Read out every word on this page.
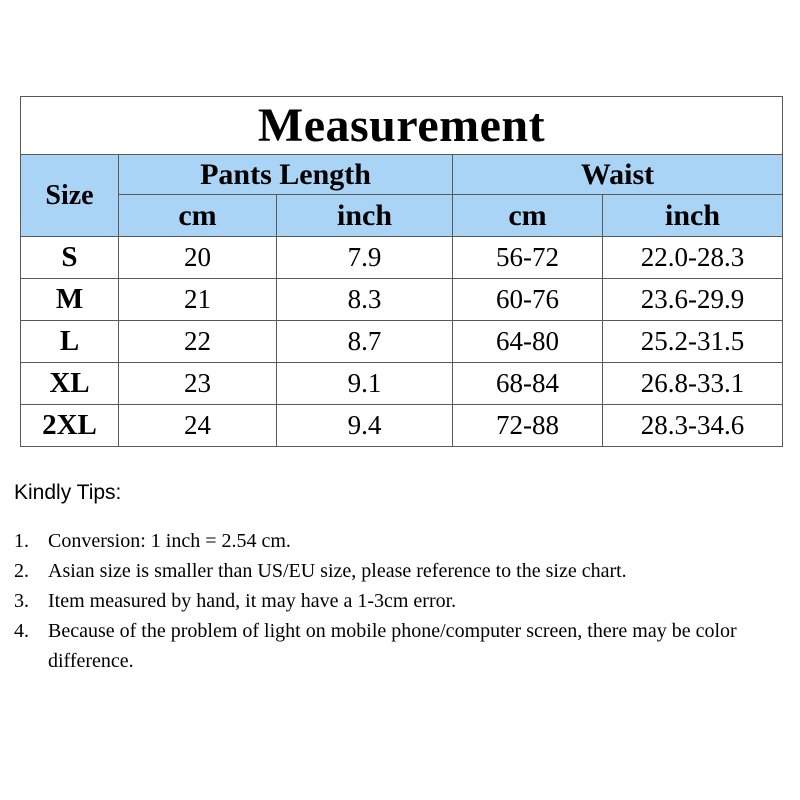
Measurement				
Size	Pants Length		Waist	
	cm	inch	cm	inch
S	20	7.9	56-72	22.0-28.3
M	21	8.3	60-76	23.6-29.9
L	22	8.7	64-80	25.2-31.5
XL	23	9.1	68-84	26.8-33.1
2XL	24	9.4	72-88	28.3-34.6

Kindly Tips:

1. Conversion: 1 inch = 2.54 cm.
2. Asian size is smaller than US/EU size, please reference to the size chart.
3. Item measured by hand, it may have a 1-3cm error.
4. Because of the problem of light on mobile phone/computer screen, there may be color difference.
